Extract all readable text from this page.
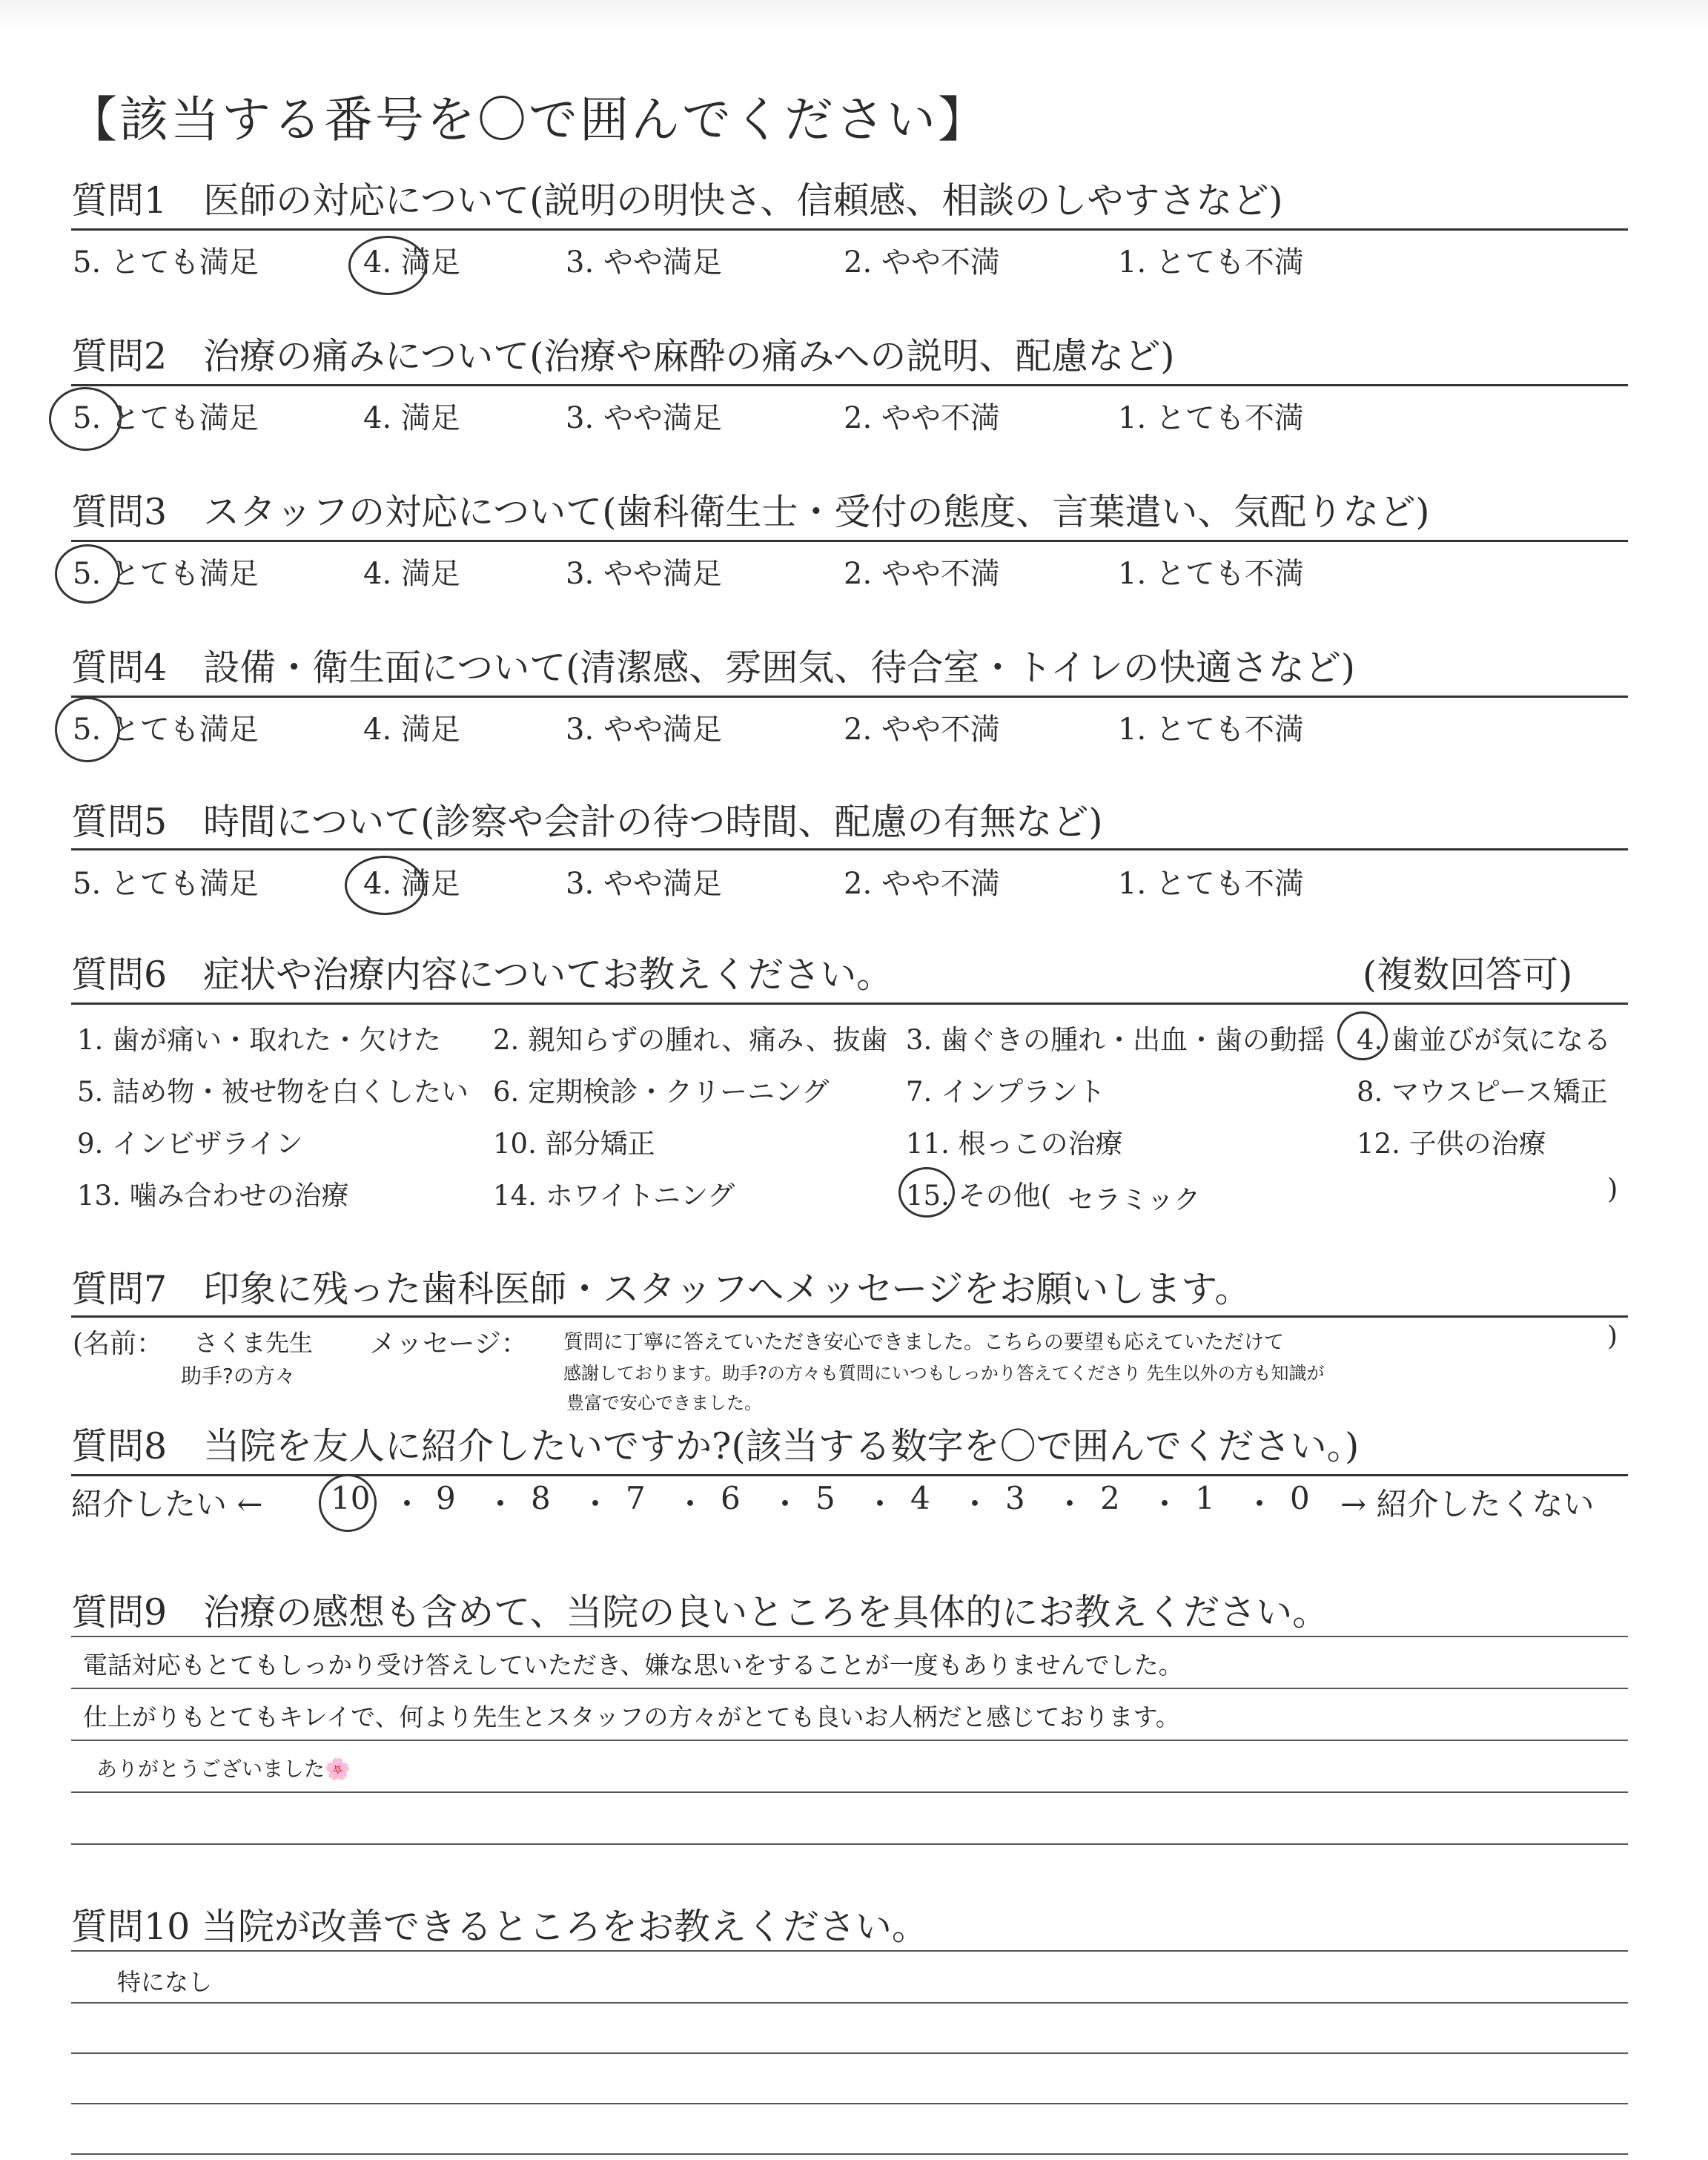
【該当する番号を〇で囲んでください】
質問1　医師の対応について(説明の明快さ、信頼感、相談のしやすさなど)
5. とても満足	4. 満足	3. やや満足	2. やや不満	1. とても不満
質問2　治療の痛みについて(治療や麻酔の痛みへの説明、配慮など)
5. とても満足	4. 満足	3. やや満足	2. やや不満	1. とても不満
質問3　スタッフの対応について(歯科衛生士・受付の態度、言葉遣い、気配りなど)
5. とても満足	4. 満足	3. やや満足	2. やや不満	1. とても不満
質問4　設備・衛生面について(清潔感、雰囲気、待合室・トイレの快適さなど)
5. とても満足	4. 満足	3. やや満足	2. やや不満	1. とても不満
質問5　時間について(診察や会計の待つ時間、配慮の有無など)
5. とても満足	4. 満足	3. やや満足	2. やや不満	1. とても不満
質問6　症状や治療内容についてお教えください。	(複数回答可)
1. 歯が痛い・取れた・欠けた 2. 親知らずの腫れ、痛み、抜歯 3. 歯ぐきの腫れ・出血・歯の動揺 4. 歯並びが気になる
5. 詰め物・被せ物を白くしたい 6. 定期検診・クリーニング	7. インプラント	8. マウスピース矯正
9. インビザライン	10. 部分矯正	11. 根っこの治療	12. 子供の治療
13. 噛み合わせの治療	14. ホワイトニング	15. その他( セラミック	)
質問7　印象に残った歯科医師・スタッフへメッセージをお願いします。
(名前： さくま先生
助手?の方々
メッセージ： 質問に丁寧に答えていただき安心できました。こちらの要望も応えていただけて
感謝しております。助手?の方々も質問にいつもしっかり答えてくださり 先生以外の方も知識が
豊富で安心できました。
)
質問8　当院を友人に紹介したいですか?(該当する数字を〇で囲んでください。)
紹介したい ← 10 ・ 9 ・ 8 ・ 7 ・ 6 ・ 5 ・ 4 ・ 3 ・ 2 ・ 1 ・ 0 → 紹介したくない
質問9　治療の感想も含めて、当院の良いところを具体的にお教えください。
電話対応もとてもしっかり受け答えしていただき、嫌な思いをすることが一度もありませんでした。
仕上がりもとてもキレイで、何より先生とスタッフの方々がとても良いお人柄だと感じております。
ありがとうございました🌸
質問10 当院が改善できるところをお教えください。
特になし
